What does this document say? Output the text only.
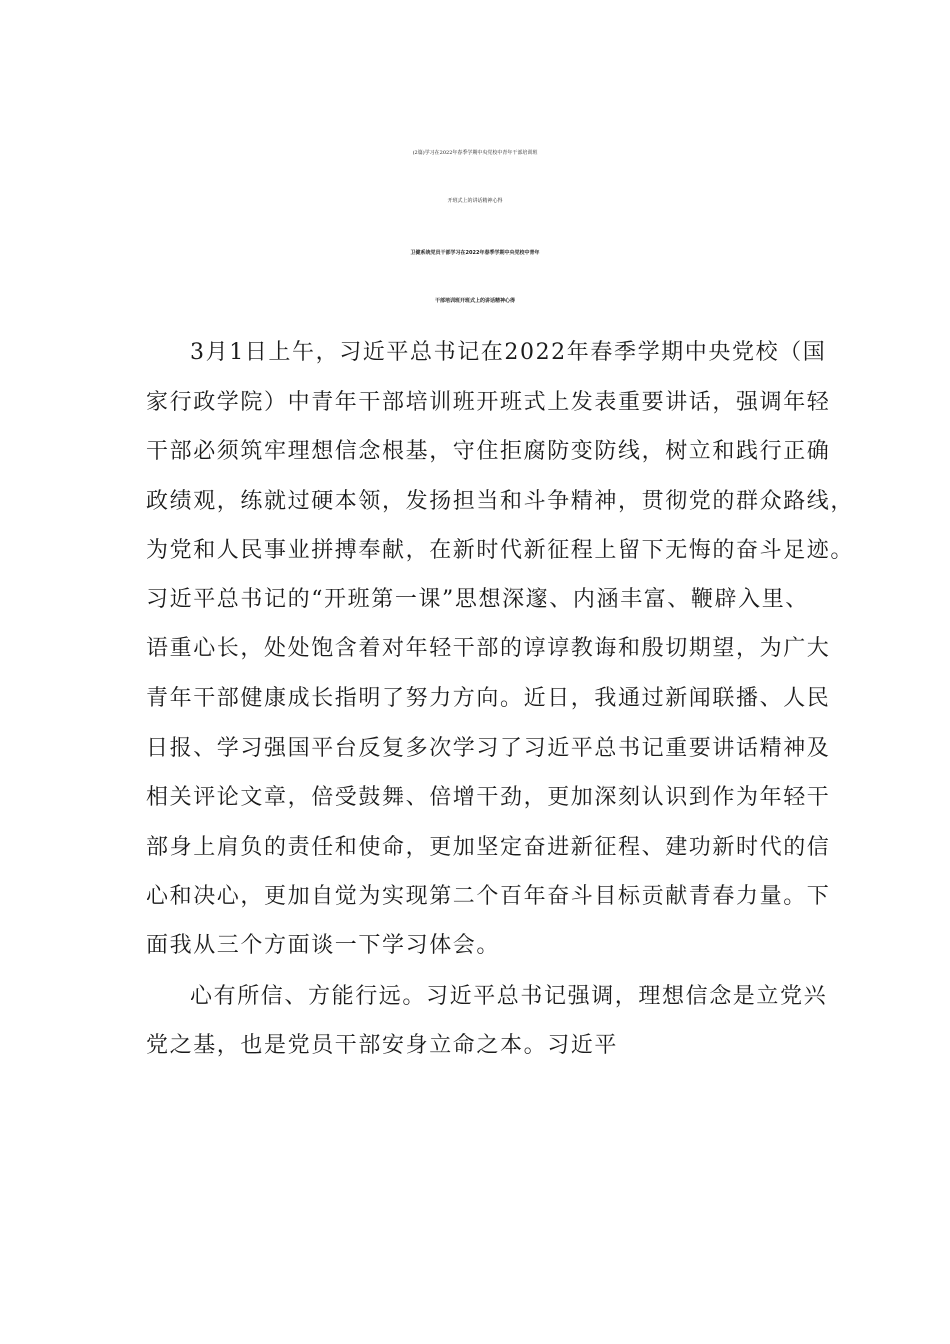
(2篇)学习在2022年春季学期中央党校中青年干部培训班
开班式上的讲话精神心得
卫健系统党员干部学习在2022年春季学期中央党校中青年
干部培训班开班式上的讲话精神心得
3月1日上午，习近平总书记在2022年春季学期中央党校（国
家行政学院）中青年干部培训班开班式上发表重要讲话，强调年轻
干部必须筑牢理想信念根基，守住拒腐防变防线，树立和践行正确
政绩观，练就过硬本领，发扬担当和斗争精神，贯彻党的群众路线，
为党和人民事业拼搏奉献，在新时代新征程上留下无悔的奋斗足迹。
习近平总书记的“开班第一课”思想深邃、内涵丰富、鞭辟入里、
语重心长，处处饱含着对年轻干部的谆谆教诲和殷切期望，为广大
青年干部健康成长指明了努力方向。近日，我通过新闻联播、人民
日报、学习强国平台反复多次学习了习近平总书记重要讲话精神及
相关评论文章，倍受鼓舞、倍增干劲，更加深刻认识到作为年轻干
部身上肩负的责任和使命，更加坚定奋进新征程、建功新时代的信
心和决心，更加自觉为实现第二个百年奋斗目标贡献青春力量。下
面我从三个方面谈一下学习体会。
心有所信、方能行远。习近平总书记强调，理想信念是立党兴
党之基，也是党员干部安身立命之本。习近平
